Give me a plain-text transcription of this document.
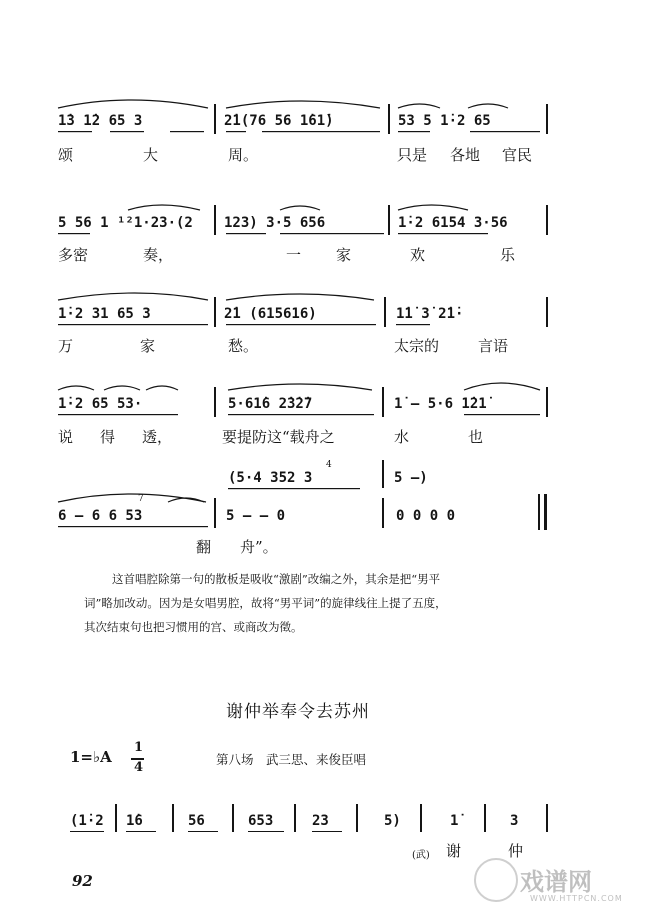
1̇3 1̇2 65 3	2̇1(76 56 1̇61̇)	53 5 1̇·2 65
颂	大	周。	只是 各地 官民
5 56 1 ¹²1·23·(2 123) 3·5 656	1̇·2 6154 3·56
多密	奏，	一 家	欢	乐
1̇·2 31 65 3	2̇1 (615616)	1̇1̇ 3̇ 2̇1̇·
万	家	愁。	太宗的	言语
1̇·2 65 53·	5·61̇6 2̇3̇2̇7	1̇ — 5·6 1̇21̇
说 得 透，	要提防这“载舟之	水	也
(5·4 352 3	5 —)
4
6 — 6 6 53
7
5 — — 0	0 0 0 0
翻 舟”。
这首唱腔除第一句的散板是吸收“激剧”改编之外，其余是把“男平
词”略加改动。因为是女唱男腔，故将“男平词”的旋律线往上提了五度，
其次结束句也把习惯用的宫、或商改为徵。
谢仲举奉令去苏州
1=♭A
1
4
第八场　武三思、来俊臣唱
(1̇·2 1̇6	56	653	23	5)	1̇	3
(武) 谢	仲
92	戏谱网
WWW.HTTPCN.COM
